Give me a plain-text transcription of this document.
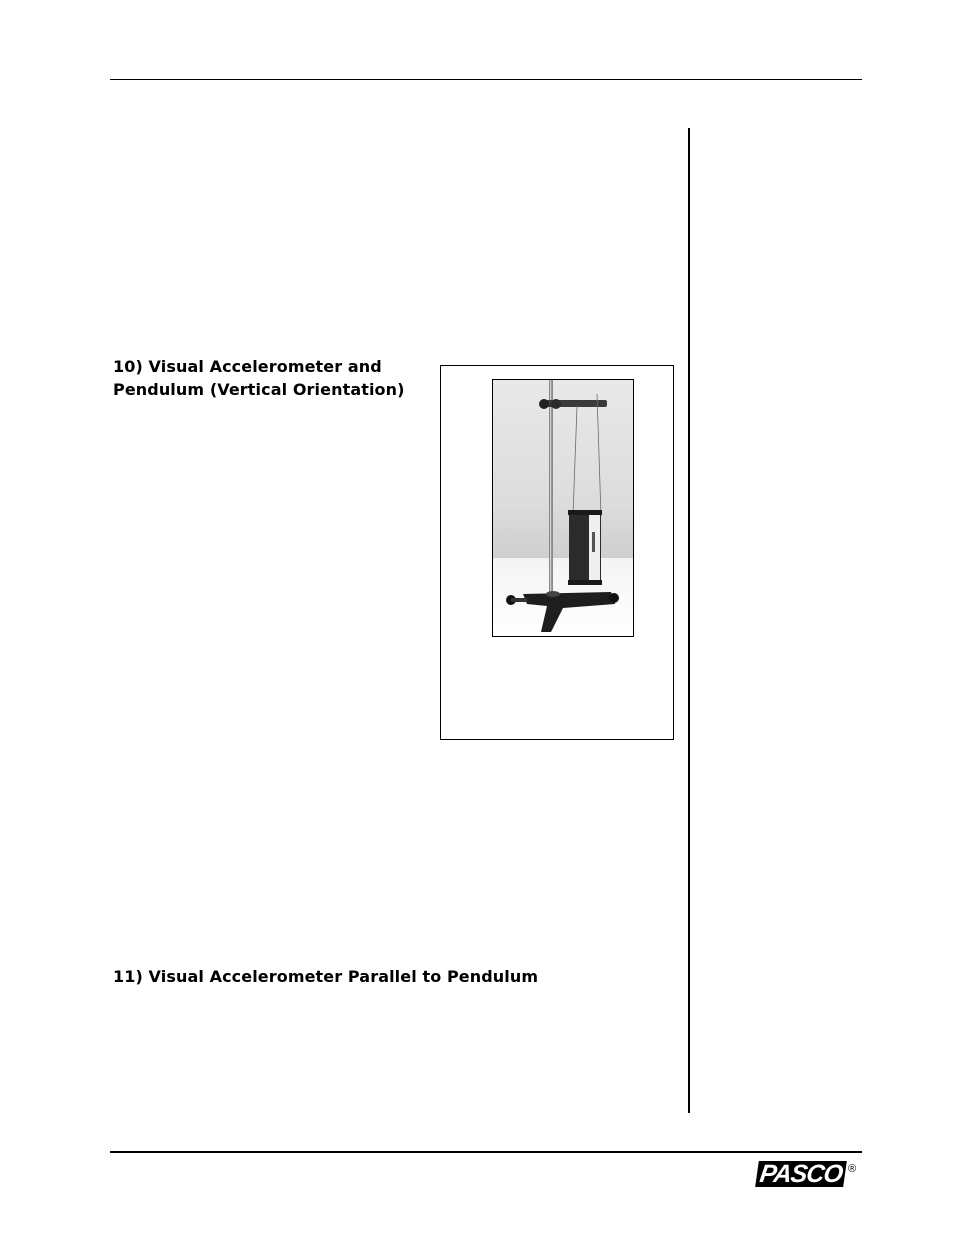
10) Visual Accelerometer and
Pendulum (Vertical Orientation)
11) Visual Accelerometer Parallel to Pendulum
PASCO ®
